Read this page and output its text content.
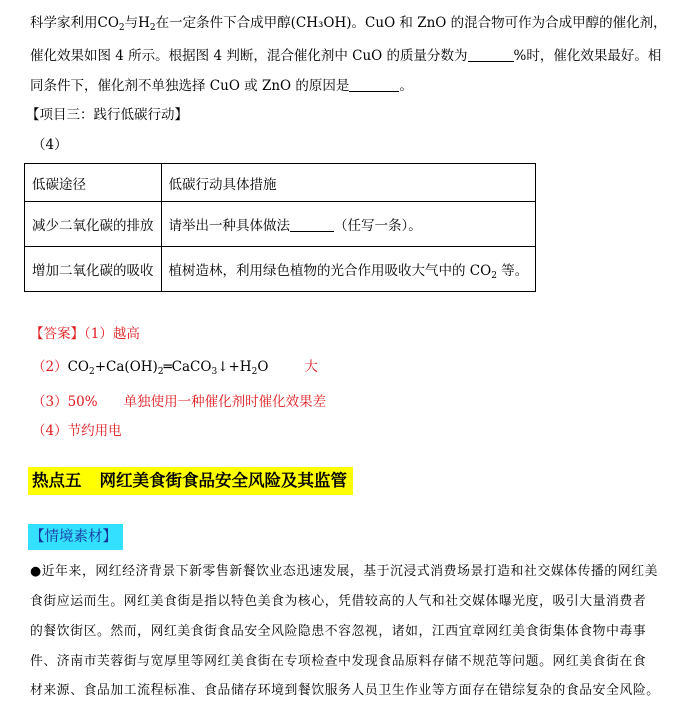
科学家利用$CO_2$与$H_2$在一定条件下合成甲醇(CH₃OH)。CuO 和 ZnO 的混合物可作为合成甲醇的催化剂，
催化效果如图 4 所示。根据图 4 判断，混合催化剂中 CuO 的质量分数为	%时，催化效果最好。相
同条件下，催化剂不单独选择 CuO 或 ZnO 的原因是	。
【项目三：践行低碳行动】
（4）
低碳途径	低碳行动具体措施
减少二氧化碳的排放	请举出一种具体做法 （任写一条）。
增加二氧化碳的吸收	植树造林，利用绿色植物的光合作用吸收大气中的 $CO_2$ 等。
【答案】（1）越高
$(2)CO_2+Ca(OH)_2═CaCO_3↓+H_2O$	大
（3）50% 单独使用一种催化剂时催化效果差
（4）节约用电
热点五 网红美食街食品安全风险及其监管
【情境素材】
●近年来，网红经济背景下新零售新餐饮业态迅速发展，基于沉浸式消费场景打造和社交媒体传播的网红美
食街应运而生。网红美食街是指以特色美食为核心，凭借较高的人气和社交媒体曝光度，吸引大量消费者
的餐饮街区。然而，网红美食街食品安全风险隐患不容忽视，诸如，江西宜章网红美食街集体食物中毒事
件、济南市芙蓉街与宽厚里等网红美食街在专项检查中发现食品原料存储不规范等问题。网红美食街在食
材来源、食品加工流程标准、食品储存环境到餐饮服务人员卫生作业等方面存在错综复杂的食品安全风险。
